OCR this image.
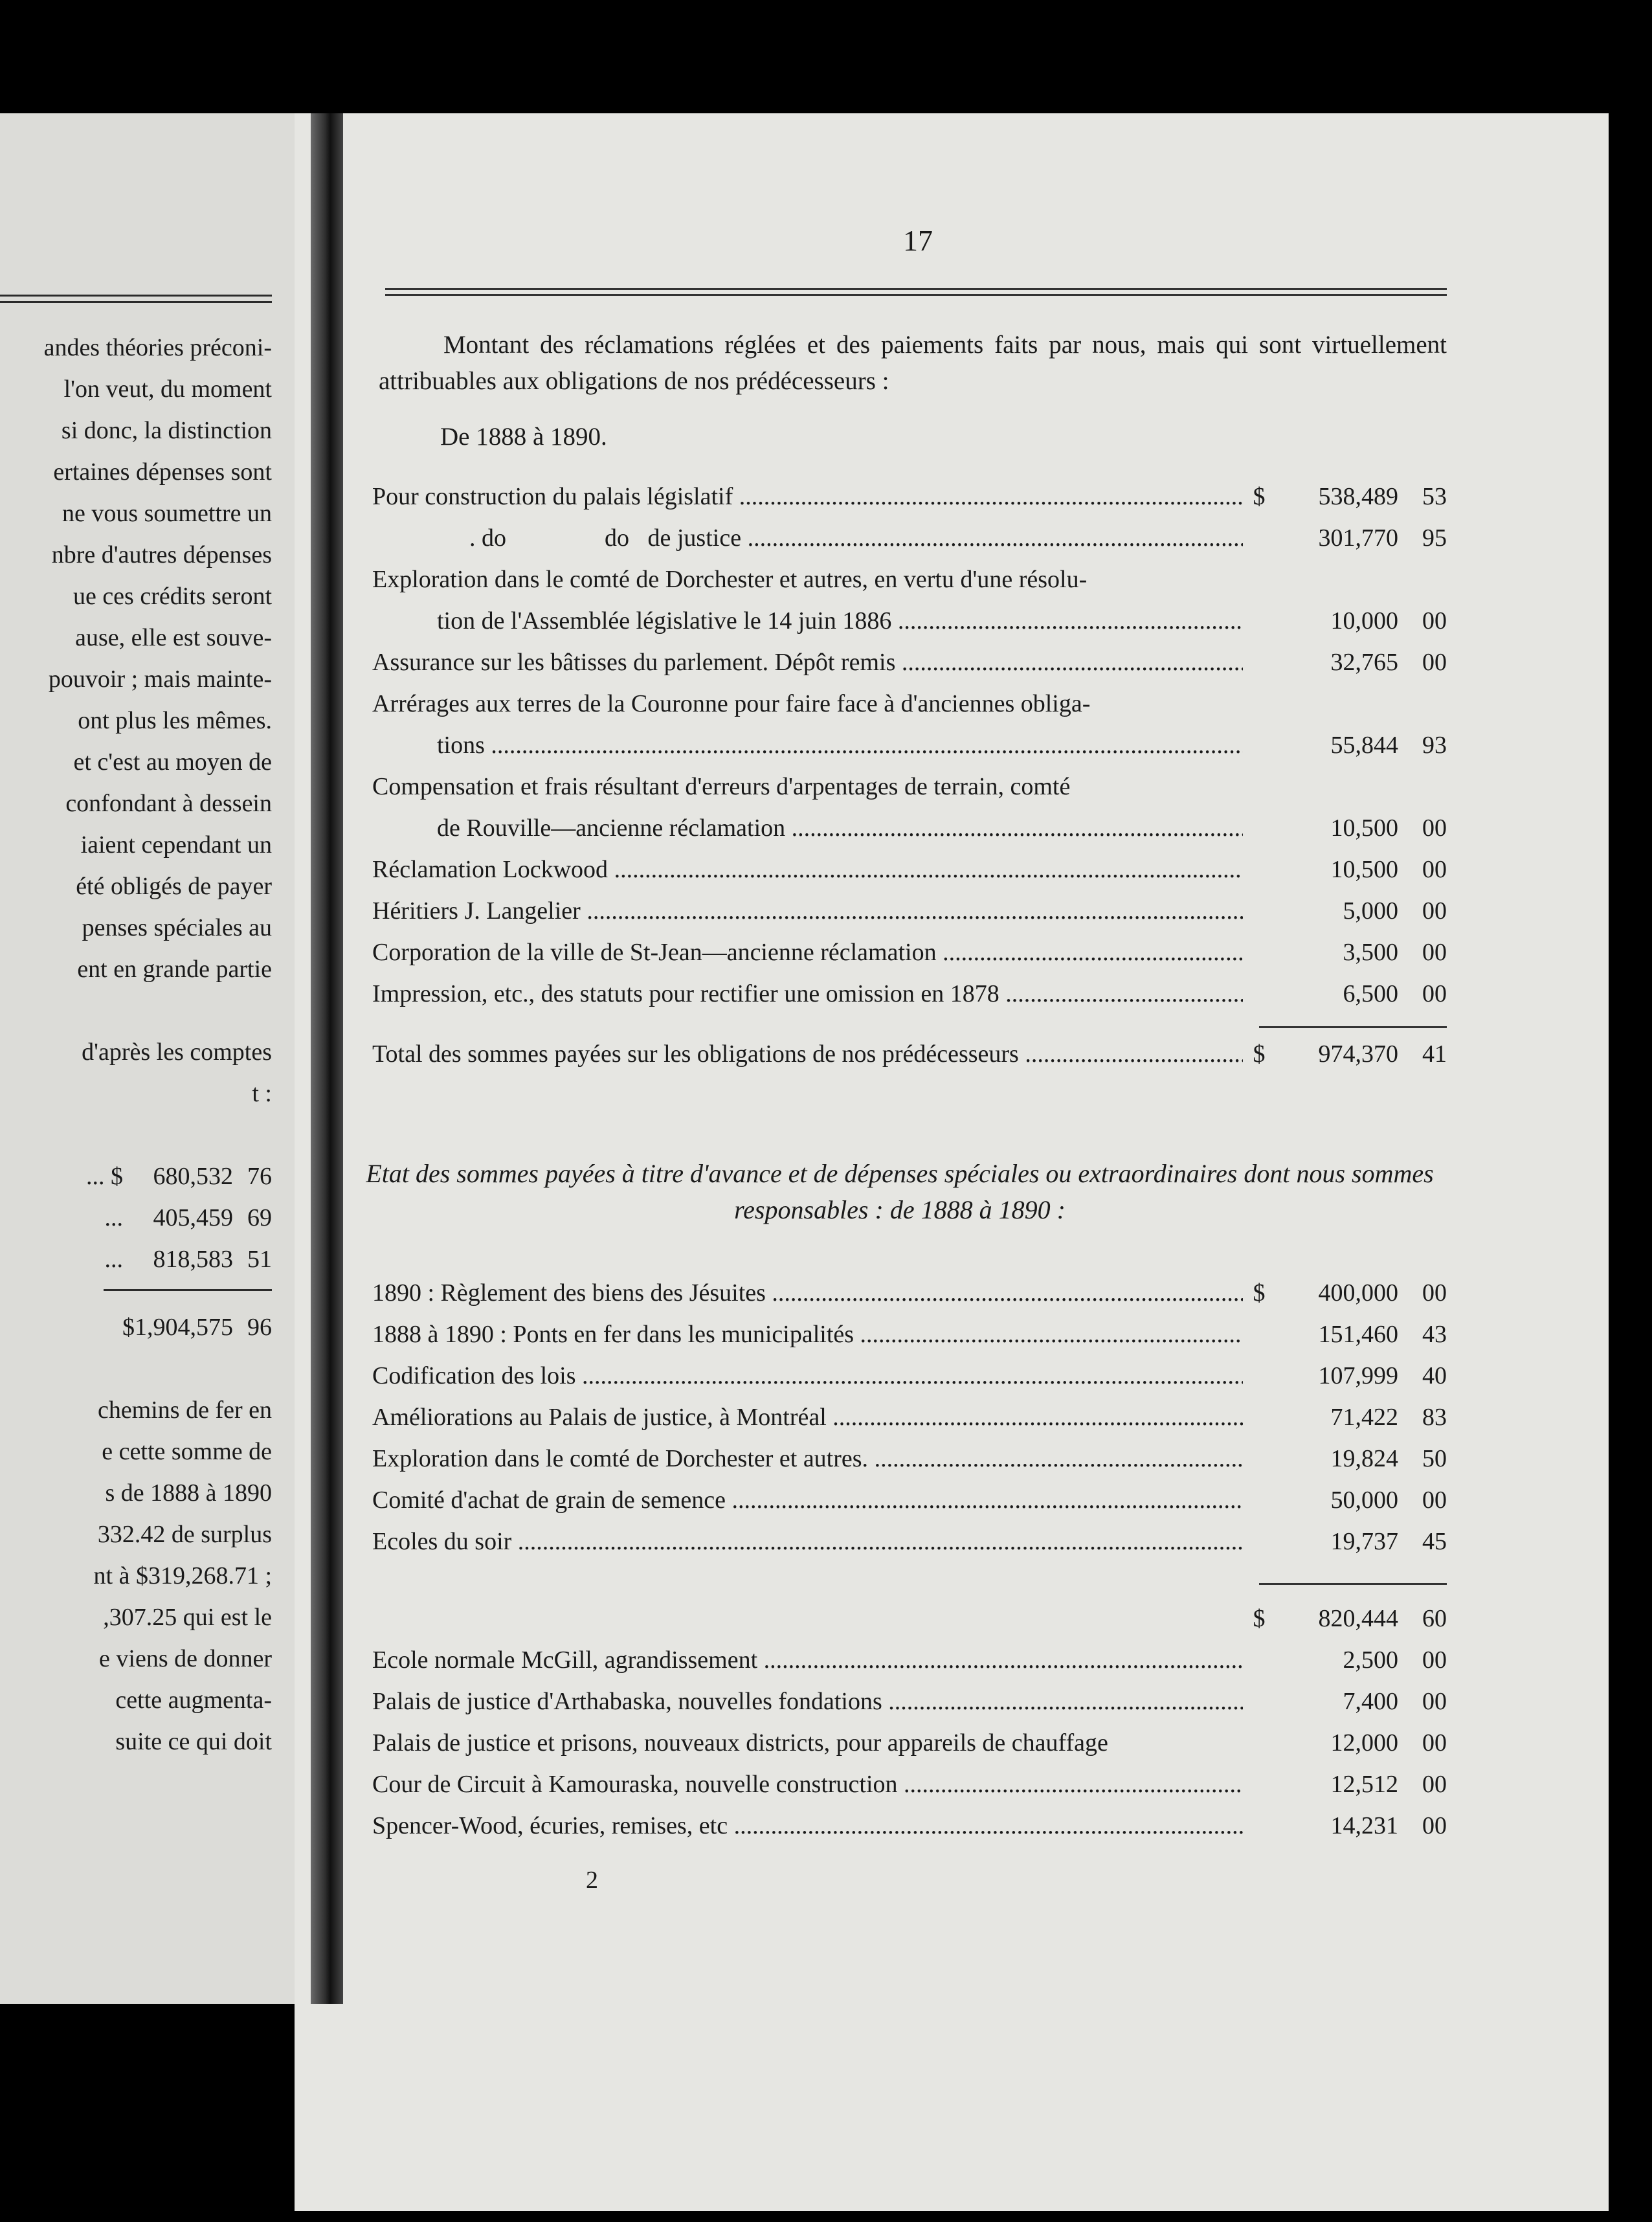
andes théories préconi-
l'on veut, du moment
si donc, la distinction
ertaines dépenses sont
ne vous soumettre un
nbre d'autres dépenses
ue ces crédits seront
ause, elle est souve-
pouvoir ; mais mainte-
ont plus les mêmes.
et c'est au moyen de
confondant à dessein
iaient cependant un
été obligés de payer
penses spéciales au
ent en grande partie
d'après les comptes
t :
... $	680,532 76
...	405,459 69
...	818,583 51
$1,904,575 96
chemins de fer en
e cette somme de
s de 1888 à 1890
332.42 de surplus
nt à $319,268.71 ;
,307.25 qui est le
e viens de donner
cette augmenta-
suite ce qui doit
17
Montant des réclamations réglées et des paiements faits par nous, mais qui sont virtuellement attribuables aux obligations de nos prédécesseurs :
De 1888 à 1890.
Pour construction du palais législatif .....	$	538,489 53
. do                do   de justice .....	301,770 95
Exploration dans le comté de Dorchester et autres, en vertu d'une résolu-
tion de l'Assemblée législative le 14 juin 1886 .....	10,000 00
Assurance sur les bâtisses du parlement. Dépôt remis .....	32,765 00
Arrérages aux terres de la Couronne pour faire face à d'anciennes obliga-
tions .....	55,844 93
Compensation et frais résultant d'erreurs d'arpentages de terrain, comté
de Rouville—ancienne réclamation .....	10,500 00
Réclamation Lockwood .....	10,500 00
Héritiers J. Langelier .....	5,000 00
Corporation de la ville de St-Jean—ancienne réclamation .....	3,500 00
Impression, etc., des statuts pour rectifier une omission en 1878 .....	6,500 00
Total des sommes payées sur les obligations de nos prédécesseurs .....	$	974,370 41
Etat des sommes payées à titre d'avance et de dépenses spéciales ou extraordinaires dont nous sommes responsables : de 1888 à 1890 :
1890 : Règlement des biens des Jésuites .....	$	400,000 00
1888 à 1890 : Ponts en fer dans les municipalités .....	151,460 43
Codification des lois .....	107,999 40
Améliorations au Palais de justice, à Montréal .....	71,422 83
Exploration dans le comté de Dorchester et autres. .....	19,824 50
Comité d'achat de grain de semence .....	50,000 00
Ecoles du soir .....	19,737 45
$	820,444 60
Ecole normale McGill, agrandissement .....	2,500 00
Palais de justice d'Arthabaska, nouvelles fondations .....	7,400 00
Palais de justice et prisons, nouveaux districts, pour appareils de chauffage	12,000 00
Cour de Circuit à Kamouraska, nouvelle construction .....	12,512 00
Spencer-Wood, écuries, remises, etc .....	14,231 00
2
